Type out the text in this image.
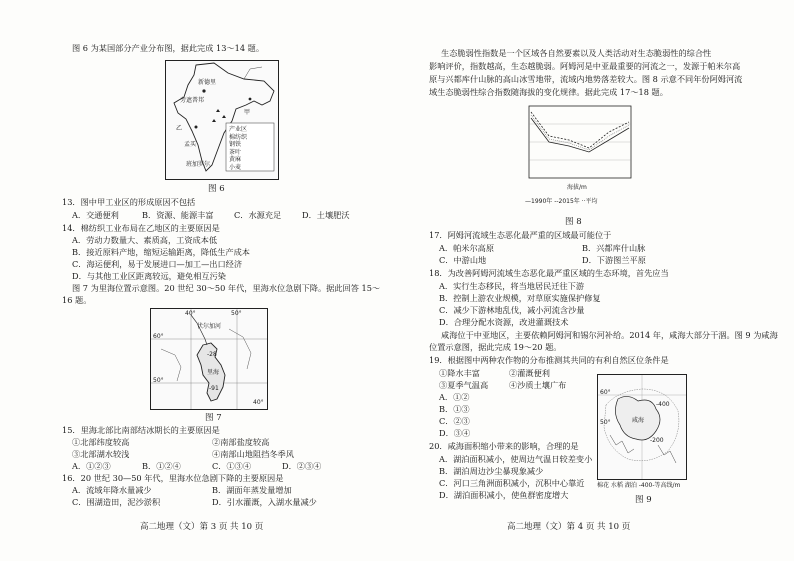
图 6 为某国部分产业分布图，据此完成 13～14 题。
新德里
旁遮普邦
乙
甲
孟买
班加罗尔
产业区
棉纺织
钢铁
茶叶
黄麻
小麦
图 6
13．图中甲工业区的形成原因不包括
A．交通便利	B．资源、能源丰富 C．水源充足	D．土壤肥沃
14．棉纺织工业布局在乙地区的主要原因是
A．劳动力数量大、素质高，工资成本低
B．接近原料产地，缩短运输距离，降低生产成本
C．海运便利，易于发展进口—加工—出口经济
D．与其他工业区距离较远，避免相互污染
图 7 为里海位置示意图。20 世纪 30～50 年代，里海水位急剧下降。据此回答 15～
16 题。
40°	50°
60°
50°
40°
伏尔加河
里海
-28
-91
图 7
15．里海北部比南部结冰期长的主要原因是
①北部纬度较高	②南部盐度较高
③北部湖水较浅	④南部山地阻挡冬季风
A．①②③	B．①②④	C．①③④	D．②③④
16．20 世纪 30—50 年代，里海水位急剧下降的主要原因是
A．流域年降水量减少	B．湖面年蒸发量增加
C．围湖造田，泥沙淤积	D．引水灌溉，入湖水量减少
高二地理（文）第 3 页 共 10 页
生态脆弱性指数是一个区域各自然要素以及人类活动对生态脆弱性的综合性
影响评价，指数越高，生态越脆弱。阿姆河是中亚最重要的河流之一，发源于帕米尔高
原与兴都库什山脉的高山冰雪地带，流域内地势落差较大。图 8 示意不同年份阿姆河流
域生态脆弱性综合指数随海拔的变化规律。据此完成 17～18 题。
海拔/m
—1990年 --2015年 ··平均
图 8
17．阿姆河流域生态恶化最严重的区域最可能位于
A．帕米尔高原	B．兴都库什山脉
C．中游山地	D．下游图兰平原
18．为改善阿姆河流域生态恶化最严重区域的生态环境，首先应当
A．实行生态移民，将当地居民迁往下游
B．控制上游农业规模，对草原实施保护修复
C．减少下游林地乱伐，减小河流含沙量
D．合理分配水资源，改进灌溉技术
咸海位于中亚地区，主要依赖阿姆河和锡尔河补给。2014 年，咸海大部分干涸。图 9 为咸海
位置示意图，据此完成 19～20 题。
19．根据图中两种农作物的分布推测其共同的有利自然区位条件是
①降水丰富	②灌溉便利
③夏季气温高	④沙质土壤广布
A．①②
B．①③
C．②③
D．③④
20．咸海面积缩小带来的影响，合理的是
A．湖泊面积减小，使周边气温日较差变小
B．湖泊周边沙尘暴现象减少
C．河口三角洲面积减小，沉积中心靠近
D．湖泊面积减小，使鱼群密度增大
60°
50°	咸海
-400
-200
棉花 水稻 湖泊 -400-等高线/m
图 9
高二地理（文）第 4 页 共 10 页
